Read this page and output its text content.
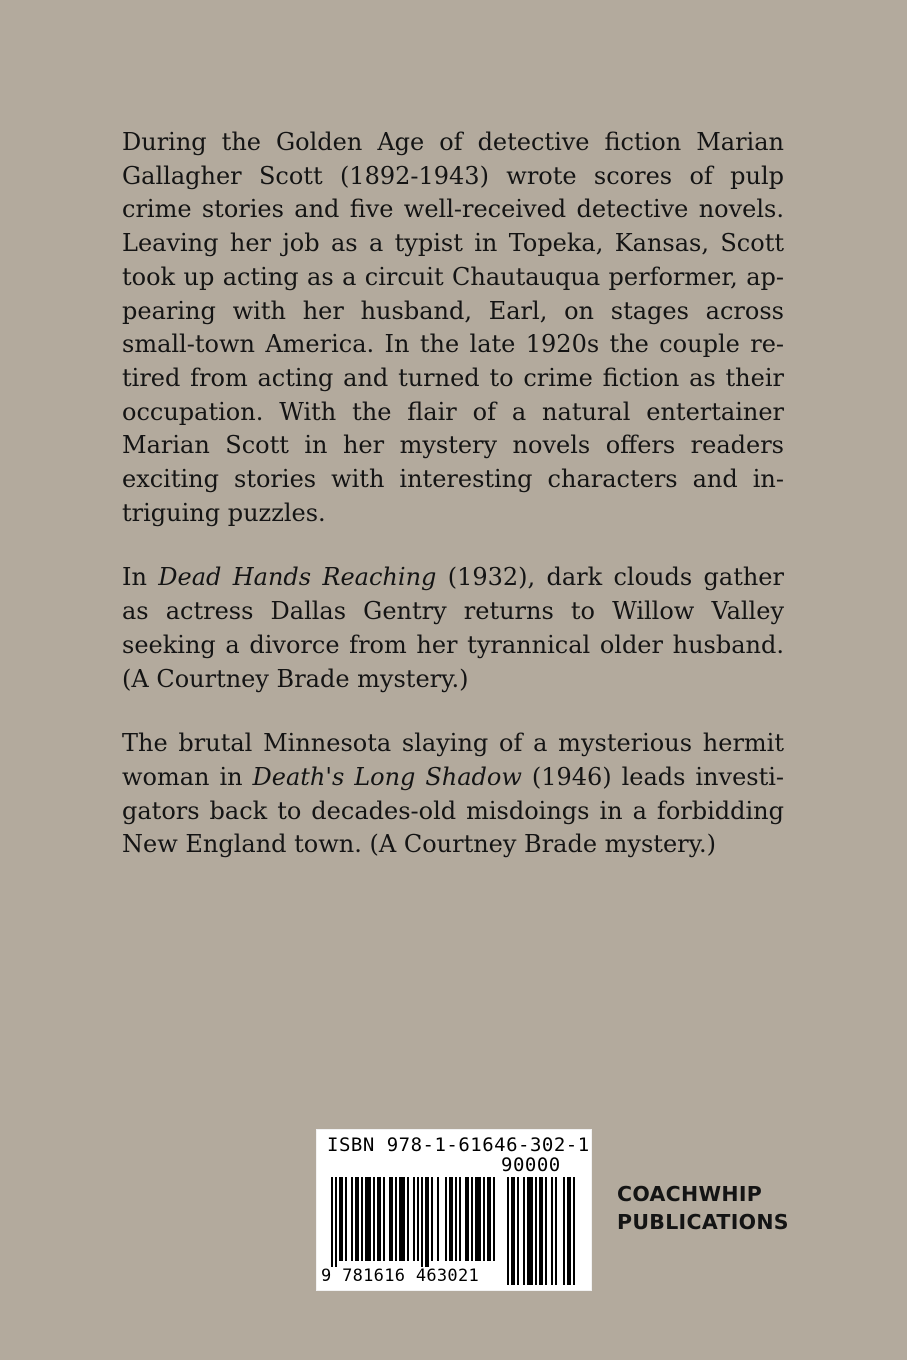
During the Golden Age of detective fiction Marian Gallagher Scott (1892-1943) wrote scores of pulp crime stories and five well-received detective novels. Leaving her job as a typist in Topeka, Kansas, Scott took up acting as a circuit Chautauqua performer, appearing with her husband, Earl, on stages across small-town America. In the late 1920s the couple retired from acting and turned to crime fiction as their occupation. With the flair of a natural entertainer Marian Scott in her mystery novels offers readers exciting stories with interesting characters and intriguing puzzles.

In Dead Hands Reaching (1932), dark clouds gather as actress Dallas Gentry returns to Willow Valley seeking a divorce from her tyrannical older husband. (A Courtney Brade mystery.)

The brutal Minnesota slaying of a mysterious hermit woman in Death's Long Shadow (1946) leads investigators back to decades-old misdoings in a forbidding New England town. (A Courtney Brade mystery.)

ISBN 978-1-61646-302-1
90000
9 781616 463021
COACHWHIP
PUBLICATIONS
